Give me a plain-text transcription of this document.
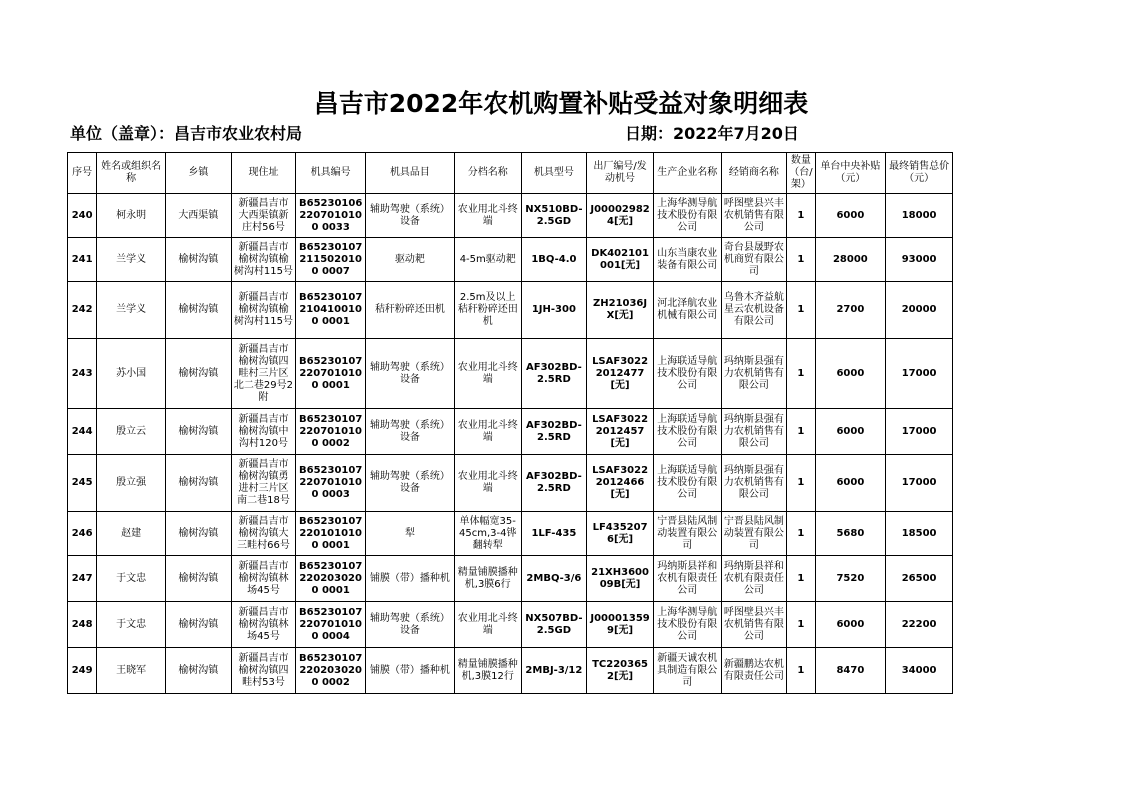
昌吉市2022年农机购置补贴受益对象明细表
单位（盖章）：昌吉市农业农村局	日期：2022年7月20日
序号	姓名或组织名称	乡镇	现住址	机具编号	机具品目	分档名称	机具型号	出厂编号/发动机号	生产企业名称	经销商名称	数量（台/架）	单台中央补贴（元）	最终销售总价（元）
240	柯永明	大西渠镇	新疆昌吉市大西渠镇新庄村56号	B652301062207010100 0033	辅助驾驶（系统）设备	农业用北斗终端	NX510BD-2.5GD	J000029824[无]	上海华测导航技术股份有限公司	呼图壁县兴丰农机销售有限公司	1	6000	18000
241	兰学义	榆树沟镇	新疆昌吉市榆树沟镇榆树沟村115号	B652301072115020100 0007	驱动耙	4-5m驱动耙	1BQ-4.0	DK402101001[无]	山东当康农业装备有限公司	奇台县晟野农机商贸有限公司	1	28000	93000
242	兰学义	榆树沟镇	新疆昌吉市榆树沟镇榆树沟村115号	B652301072104100100 0001	秸秆粉碎还田机	2.5m及以上秸秆粉碎还田机	1JH-300	ZH21036JX[无]	河北泽航农业机械有限公司	乌鲁木齐益航星云农机设备有限公司	1	2700	20000
243	苏小国	榆树沟镇	新疆昌吉市榆树沟镇四畦村三片区北二巷29号2附	B652301072207010100 0001	辅助驾驶（系统）设备	农业用北斗终端	AF302BD-2.5RD	LSAF30222012477[无]	上海联适导航技术股份有限公司	玛纳斯县强有力农机销售有限公司	1	6000	17000
244	殷立云	榆树沟镇	新疆昌吉市榆树沟镇中沟村120号	B652301072207010100 0002	辅助驾驶（系统）设备	农业用北斗终端	AF302BD-2.5RD	LSAF30222012457[无]	上海联适导航技术股份有限公司	玛纳斯县强有力农机销售有限公司	1	6000	17000
245	殷立强	榆树沟镇	新疆昌吉市榆树沟镇勇进村三片区南二巷18号	B652301072207010100 0003	辅助驾驶（系统）设备	农业用北斗终端	AF302BD-2.5RD	LSAF30222012466[无]	上海联适导航技术股份有限公司	玛纳斯县强有力农机销售有限公司	1	6000	17000
246	赵建	榆树沟镇	新疆昌吉市榆树沟镇大三畦村66号	B652301072201010100 0001	犁	单体幅宽35-45cm,3-4铧翻转犁	1LF-435	LF4352076[无]	宁晋县陆风制动装置有限公司	宁晋县陆风制动装置有限公司	1	5680	18500
247	于文忠	榆树沟镇	新疆昌吉市榆树沟镇林场45号	B652301072202030200 0001	铺膜（带）播种机	精量铺膜播种机,3膜6行	2MBQ-3/6	21XH360009B[无]	玛纳斯县祥和农机有限责任公司	玛纳斯县祥和农机有限责任公司	1	7520	26500
248	于文忠	榆树沟镇	新疆昌吉市榆树沟镇林场45号	B652301072207010100 0004	辅助驾驶（系统）设备	农业用北斗终端	NX507BD-2.5GD	J000013599[无]	上海华测导航技术股份有限公司	呼图壁县兴丰农机销售有限公司	1	6000	22200
249	王晓军	榆树沟镇	新疆昌吉市榆树沟镇四畦村53号	B652301072202030200 0002	铺膜（带）播种机	精量铺膜播种机,3膜12行	2MBJ-3/12	TC2203652[无]	新疆天诚农机具制造有限公司	新疆鹏达农机有限责任公司	1	8470	34000
